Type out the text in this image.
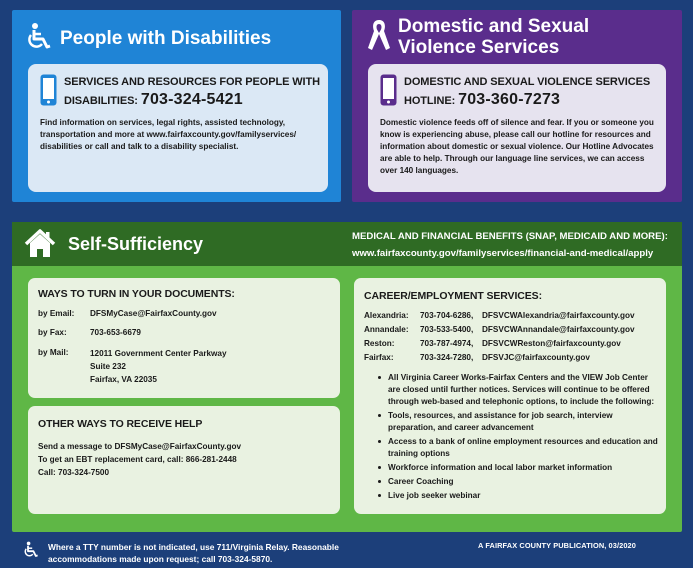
People with Disabilities
SERVICES AND RESOURCES FOR PEOPLE WITH DISABILITIES: 703-324-5421
Find information on services, legal rights, assisted technology, transportation and more at www.fairfaxcounty.gov/familyservices/ disabilities or call and talk to a disability specialist.
Domestic and Sexual
Violence Services
DOMESTIC AND SEXUAL VIOLENCE SERVICES HOTLINE: 703-360-7273
Domestic violence feeds off of silence and fear. If you or someone you know is experiencing abuse, please call our hotline for resources and information about domestic or sexual violence. Our Hotline Advocates are able to help. Through our language line services, we can access over 140 languages.
Self-Sufficiency	MEDICAL AND FINANCIAL BENEFITS (SNAP, MEDICAID AND MORE):
www.fairfaxcounty.gov/familyservices/financial-and-medical/apply
WAYS TO TURN IN YOUR DOCUMENTS:
by Email:	DFSMyCase@FairfaxCounty.gov
by Fax:	703-653-6679
by Mail:	12011 Government Center Parkway
Suite 232
Fairfax, VA 22035
OTHER WAYS TO RECEIVE HELP
Send a message to DFSMyCase@FairfaxCounty.gov
To get an EBT replacement card, call: 866-281-2448
Call: 703-324-7500
CAREER/EMPLOYMENT SERVICES:
Alexandria: 703-704-6286, DFSVCWAlexandria@fairfaxcounty.gov
Annandale: 703-533-5400, DFSVCWAnnandale@fairfaxcounty.gov
Reston:	703-787-4974, DFSVCWReston@fairfaxcounty.gov
Fairfax:	703-324-7280, DFSVJC@fairfaxcounty.gov
All Virginia Career Works-Fairfax Centers and the VIEW Job Center are closed until further notices. Services will continue to be offered through web-based and telephonic options, to include the following:
Tools, resources, and assistance for job search, interview preparation, and career advancement
Access to a bank of online employment resources and education and training options
Workforce information and local labor market information
Career Coaching
Live job seeker webinar
Where a TTY number is not indicated, use 711/Virginia Relay. Reasonable accommodations made upon request; call 703-324-5870.
A FAIRFAX COUNTY PUBLICATION, 03/2020
